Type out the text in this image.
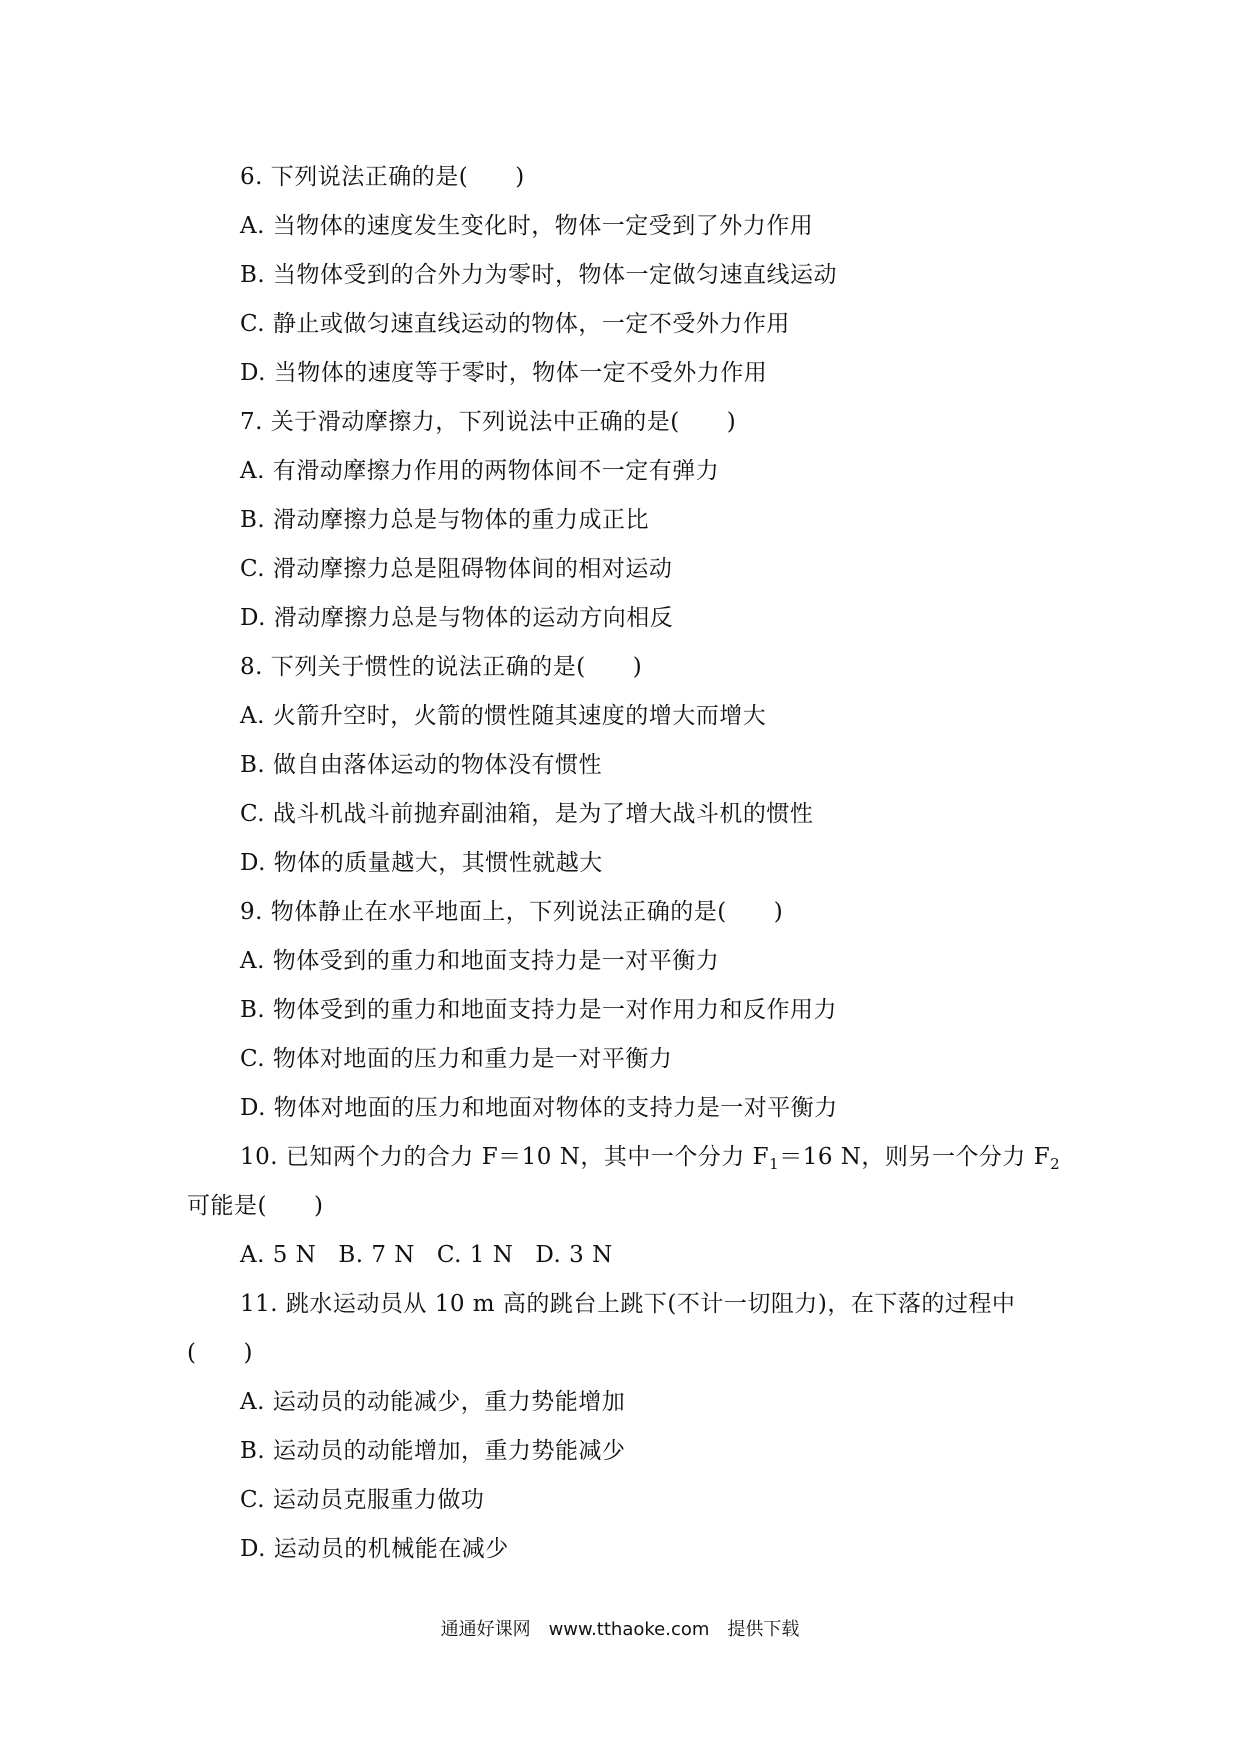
6. 下列说法正确的是(　　)
A. 当物体的速度发生变化时，物体一定受到了外力作用
B. 当物体受到的合外力为零时，物体一定做匀速直线运动
C. 静止或做匀速直线运动的物体，一定不受外力作用
D. 当物体的速度等于零时，物体一定不受外力作用
7. 关于滑动摩擦力，下列说法中正确的是(　　)
A. 有滑动摩擦力作用的两物体间不一定有弹力
B. 滑动摩擦力总是与物体的重力成正比
C. 滑动摩擦力总是阻碍物体间的相对运动
D. 滑动摩擦力总是与物体的运动方向相反
8. 下列关于惯性的说法正确的是(　　)
A. 火箭升空时，火箭的惯性随其速度的增大而增大
B. 做自由落体运动的物体没有惯性
C. 战斗机战斗前抛弃副油箱，是为了增大战斗机的惯性
D. 物体的质量越大，其惯性就越大
9. 物体静止在水平地面上，下列说法正确的是(　　)
A. 物体受到的重力和地面支持力是一对平衡力
B. 物体受到的重力和地面支持力是一对作用力和反作用力
C. 物体对地面的压力和重力是一对平衡力
D. 物体对地面的压力和地面对物体的支持力是一对平衡力
10. 已知两个力的合力 F＝10 N，其中一个分力 $F_1=16$ N，则另一个分力 $F_2$
可能是(　　)
A. 5 N B. 7 N C. 1 N D. 3 N
11. 跳水运动员从 10 m 高的跳台上跳下(不计一切阻力)，在下落的过程中
(　　)
A. 运动员的动能减少，重力势能增加
B. 运动员的动能增加，重力势能减少
C. 运动员克服重力做功
D. 运动员的机械能在减少
通通好课网　www.tthaoke.com　提供下载
